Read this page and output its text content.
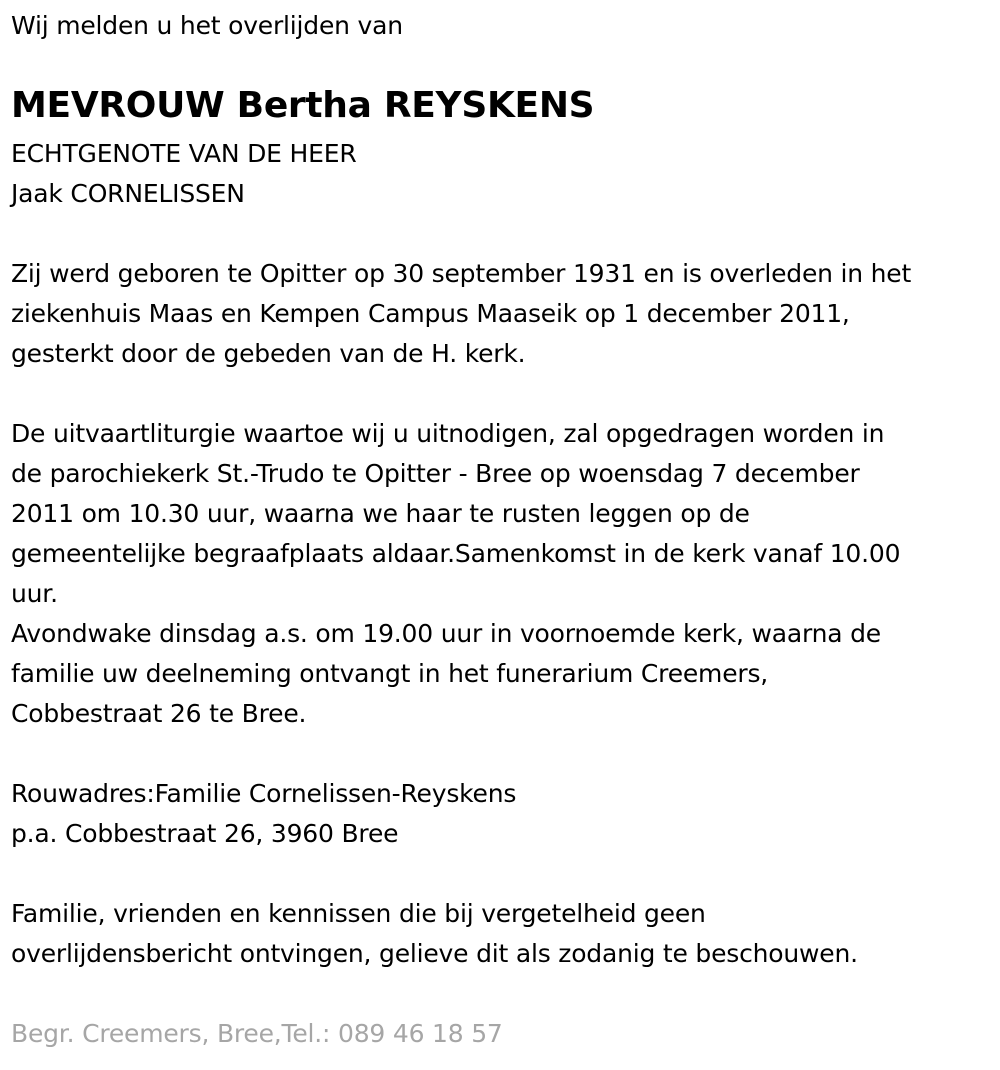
Wij melden u het overlijden van
MEVROUW Bertha REYSKENS
ECHTGENOTE VAN DE HEER
Jaak CORNELISSEN
Zij werd geboren te Opitter op 30 september 1931 en is overleden in het
ziekenhuis Maas en Kempen Campus Maaseik op 1 december 2011,
gesterkt door de gebeden van de H. kerk.
De uitvaartliturgie waartoe wij u uitnodigen, zal opgedragen worden in
de parochiekerk St.-Trudo te Opitter - Bree op woensdag 7 december
2011 om 10.30 uur, waarna we haar te rusten leggen op de
gemeentelijke begraafplaats aldaar.Samenkomst in de kerk vanaf 10.00
uur.
Avondwake dinsdag a.s. om 19.00 uur in voornoemde kerk, waarna de
familie uw deelneming ontvangt in het funerarium Creemers,
Cobbestraat 26 te Bree.
Rouwadres:Familie Cornelissen-Reyskens
p.a. Cobbestraat 26, 3960 Bree
Familie, vrienden en kennissen die bij vergetelheid geen
overlijdensbericht ontvingen, gelieve dit als zodanig te beschouwen.
Begr. Creemers, Bree,Tel.: 089 46 18 57
